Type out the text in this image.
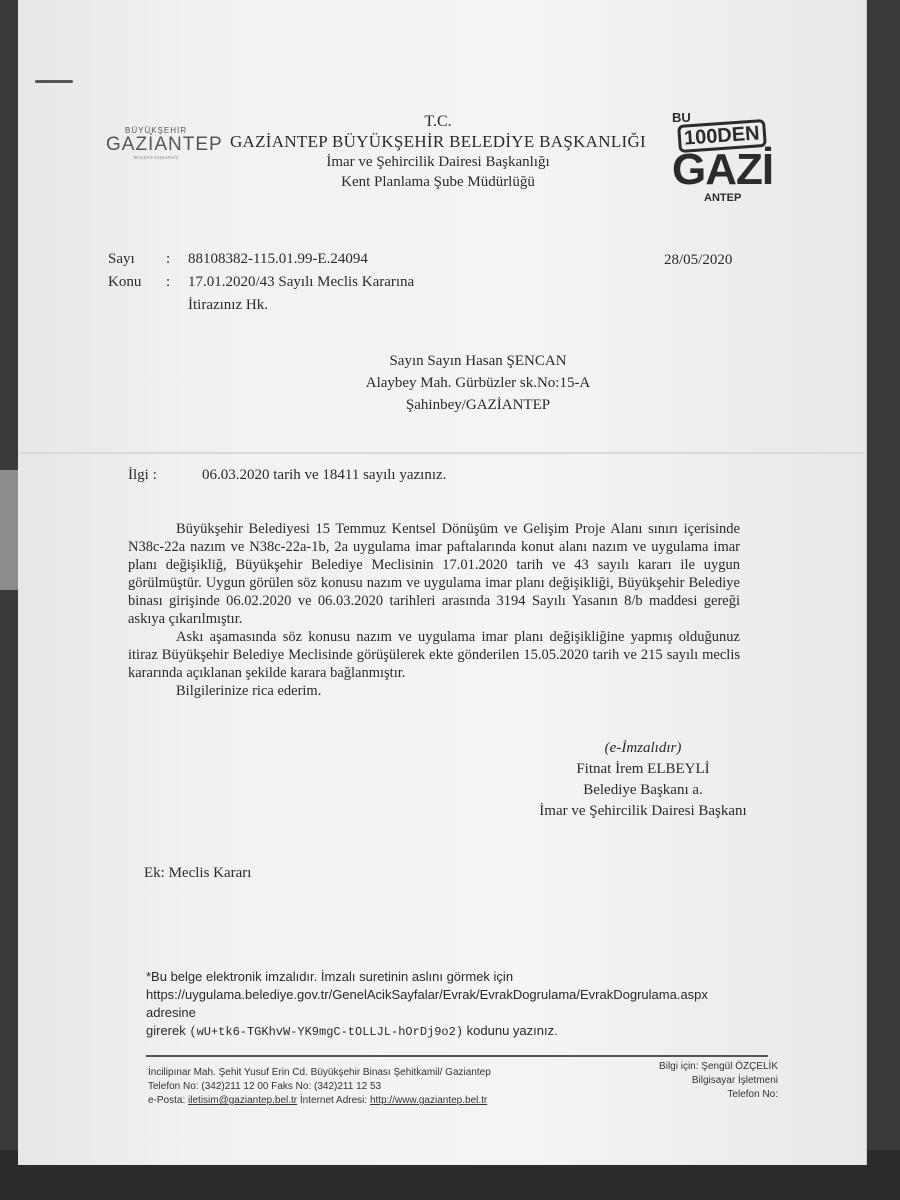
BÜYÜKŞEHİR
GAZİANTEP
BELEDİYE BAŞKANLIĞI
T.C.
GAZİANTEP BÜYÜKŞEHİR BELEDİYE BAŞKANLIĞI
İmar ve Şehircilik Dairesi Başkanlığı
Kent Planlama Şube Müdürlüğü
BU
100DEN
GAZİ
ANTEP
Sayı : 88108382-115.01.99-E.24094
Konu : 17.01.2020/43 Sayılı Meclis Kararına
İtirazınız Hk.
28/05/2020
Sayın Sayın Hasan ŞENCAN
Alaybey Mah. Gürbüzler sk.No:15-A
Şahinbey/GAZİANTEP
İlgi :	06.03.2020 tarih ve 18411 sayılı yazınız.

Büyükşehir Belediyesi 15 Temmuz Kentsel Dönüşüm ve Gelişim Proje Alanı sınırı içerisinde N38c-22a nazım ve N38c-22a-1b, 2a uygulama imar paftalarında konut alanı nazım ve uygulama imar planı değişikliğ, Büyükşehir Belediye Meclisinin 17.01.2020 tarih ve 43 sayılı kararı ile uygun görülmüştür. Uygun görülen söz konusu nazım ve uygulama imar planı değişikliği, Büyükşehir Belediye binası girişinde 06.02.2020 ve 06.03.2020 tarihleri arasında 3194 Sayılı Yasanın 8/b maddesi gereği askıya çıkarılmıştır.

Askı aşamasında söz konusu nazım ve uygulama imar planı değişikliğine yapmış olduğunuz itiraz Büyükşehir Belediye Meclisinde görüşülerek ekte gönderilen 15.05.2020 tarih ve 215 sayılı meclis kararında açıklanan şekilde karara bağlanmıştır.

Bilgilerinize rica ederim.

(e-İmzalıdır)
Fitnat İrem ELBEYLİ
Belediye Başkanı a.
İmar ve Şehircilik Dairesi Başkanı
Ek: Meclis Kararı
*Bu belge elektronik imzalıdır. İmzalı suretinin aslını görmek için
https://uygulama.belediye.gov.tr/GenelAcikSayfalar/Evrak/EvrakDogrulama/EvrakDogrulama.aspx adresine
girerek (wU+tk6-TGKhvW-YK9mgC-tOLLJL-hOrDj9o2) kodunu yazınız.
İncilipınar Mah. Şehit Yusuf Erin Cd. Büyükşehir Binası Şehitkamil/ Gaziantep
Telefon No: (342)211 12 00 Faks No: (342)211 12 53
e-Posta: iletisim@gaziantep.bel.tr İnternet Adresi: http://www.gaziantep.bel.tr
Bilgi için: Şengül ÖZÇELİK
Bilgisayar İşletmeni
Telefon No:
